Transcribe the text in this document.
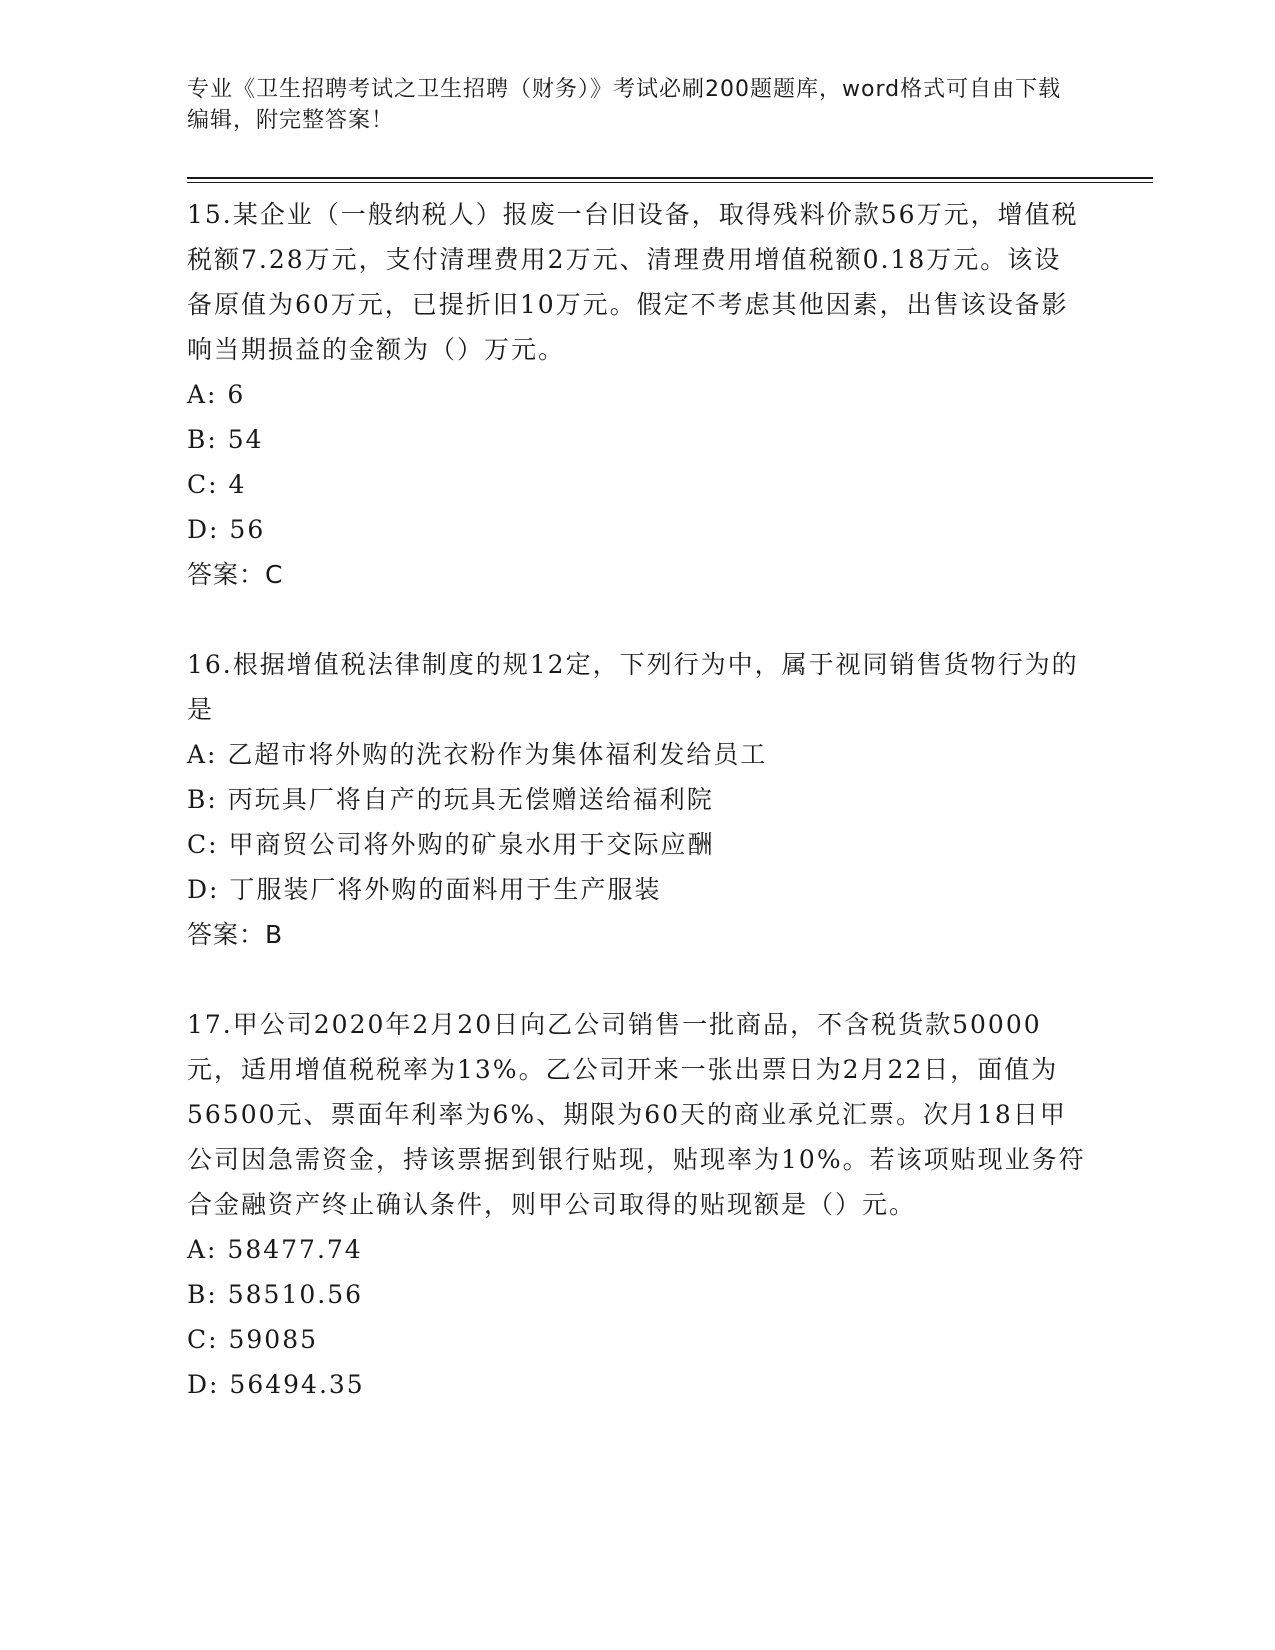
专业《卫生招聘考试之卫生招聘（财务）》考试必刷200题题库，word格式可自由下载编辑，附完整答案！

15.某企业（一般纳税人）报废一台旧设备，取得残料价款56万元，增值税税额7.28万元，支付清理费用2万元、清理费用增值税额0.18万元。该设备原值为60万元，已提折旧10万元。假定不考虑其他因素，出售该设备影响当期损益的金额为（）万元。

A: 6

B: 54

C: 4

D: 56

答案：C

16.根据增值税法律制度的规12定，下列行为中，属于视同销售货物行为的是

A: 乙超市将外购的洗衣粉作为集体福利发给员工

B: 丙玩具厂将自产的玩具无偿赠送给福利院

C: 甲商贸公司将外购的矿泉水用于交际应酬

D: 丁服装厂将外购的面料用于生产服装

答案：B

17.甲公司2020年2月20日向乙公司销售一批商品，不含税货款50000元，适用增值税税率为13%。乙公司开来一张出票日为2月22日，面值为56500元、票面年利率为6%、期限为60天的商业承兑汇票。次月18日甲公司因急需资金，持该票据到银行贴现，贴现率为10%。若该项贴现业务符合金融资产终止确认条件，则甲公司取得的贴现额是（）元。

A: 58477.74

B: 58510.56

C: 59085

D: 56494.35
